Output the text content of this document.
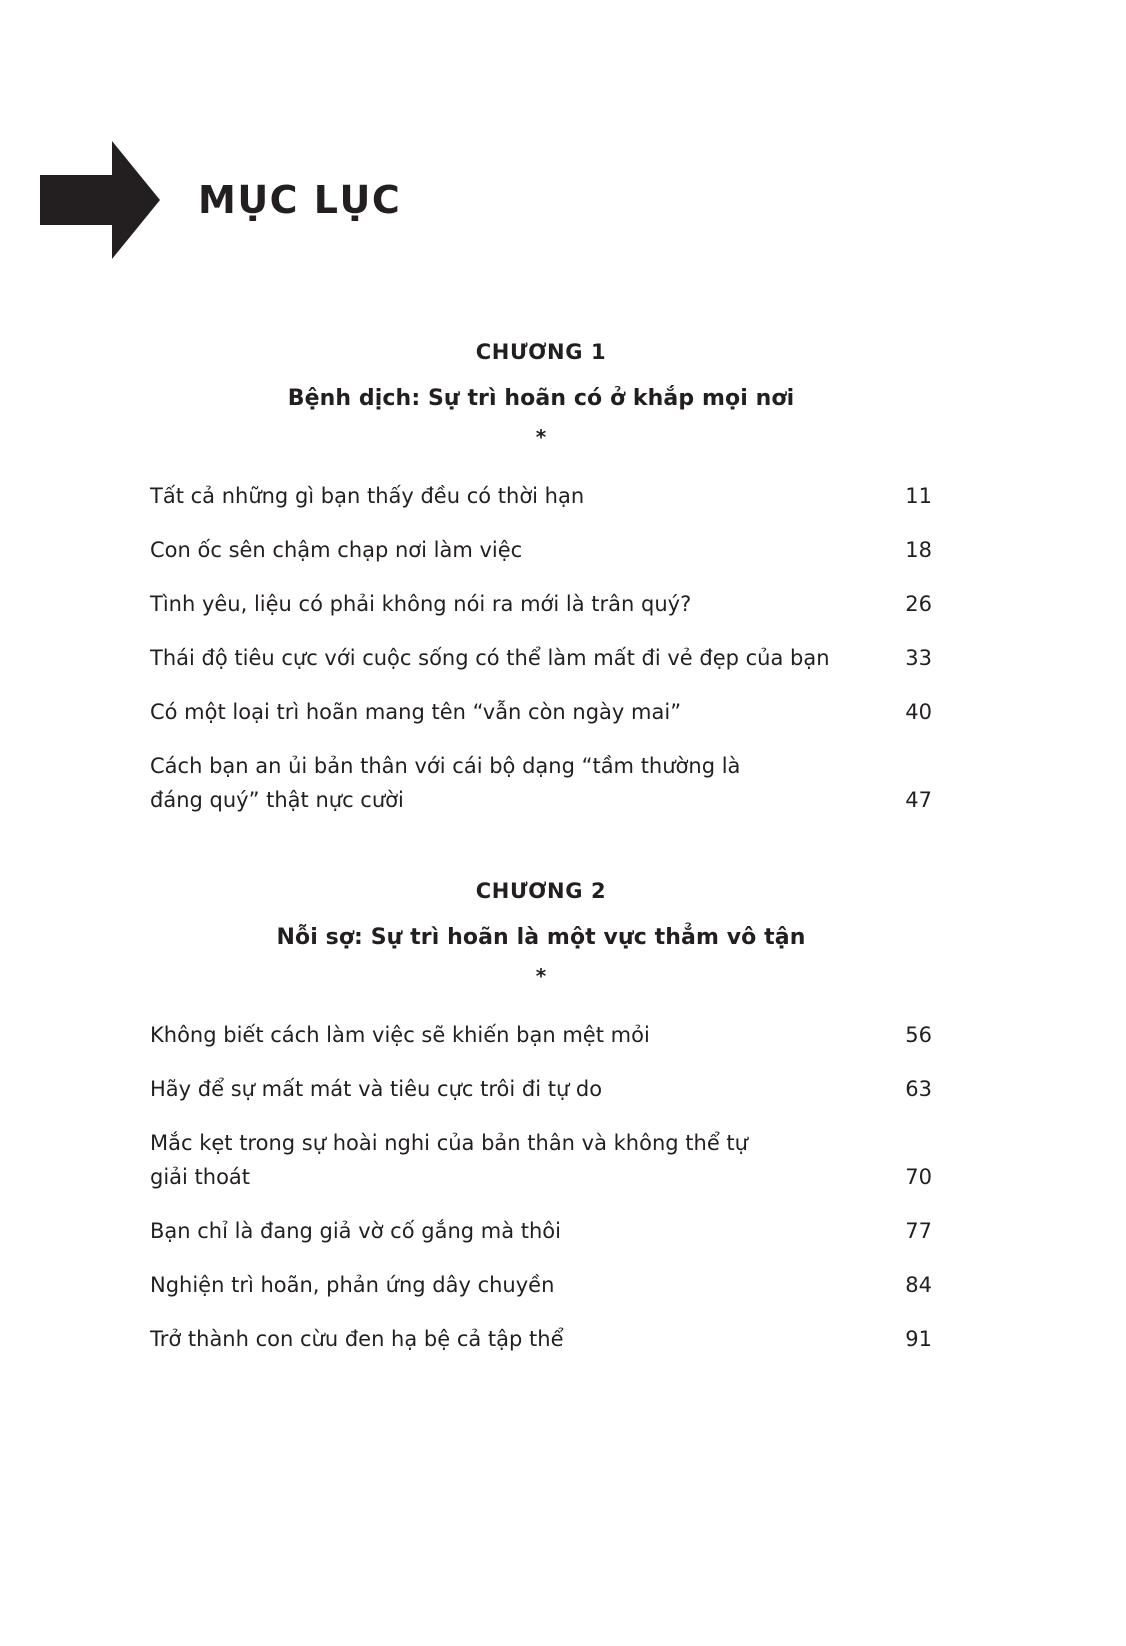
MỤC LỤC
CHƯƠNG 1
Bệnh dịch: Sự trì hoãn có ở khắp mọi nơi
*
Tất cả những gì bạn thấy đều có thời hạn	11
Con ốc sên chậm chạp nơi làm việc	18
Tình yêu, liệu có phải không nói ra mới là trân quý?	26
Thái độ tiêu cực với cuộc sống có thể làm mất đi vẻ đẹp của bạn	33
Có một loại trì hoãn mang tên “vẫn còn ngày mai”	40
Cách bạn an ủi bản thân với cái bộ dạng “tầm thường là đáng quý” thật nực cười	47
CHƯƠNG 2
Nỗi sợ: Sự trì hoãn là một vực thẳm vô tận
*
Không biết cách làm việc sẽ khiến bạn mệt mỏi	56
Hãy để sự mất mát và tiêu cực trôi đi tự do	63
Mắc kẹt trong sự hoài nghi của bản thân và không thể tự giải thoát	70
Bạn chỉ là đang giả vờ cố gắng mà thôi	77
Nghiện trì hoãn, phản ứng dây chuyền	84
Trở thành con cừu đen hạ bệ cả tập thể	91
